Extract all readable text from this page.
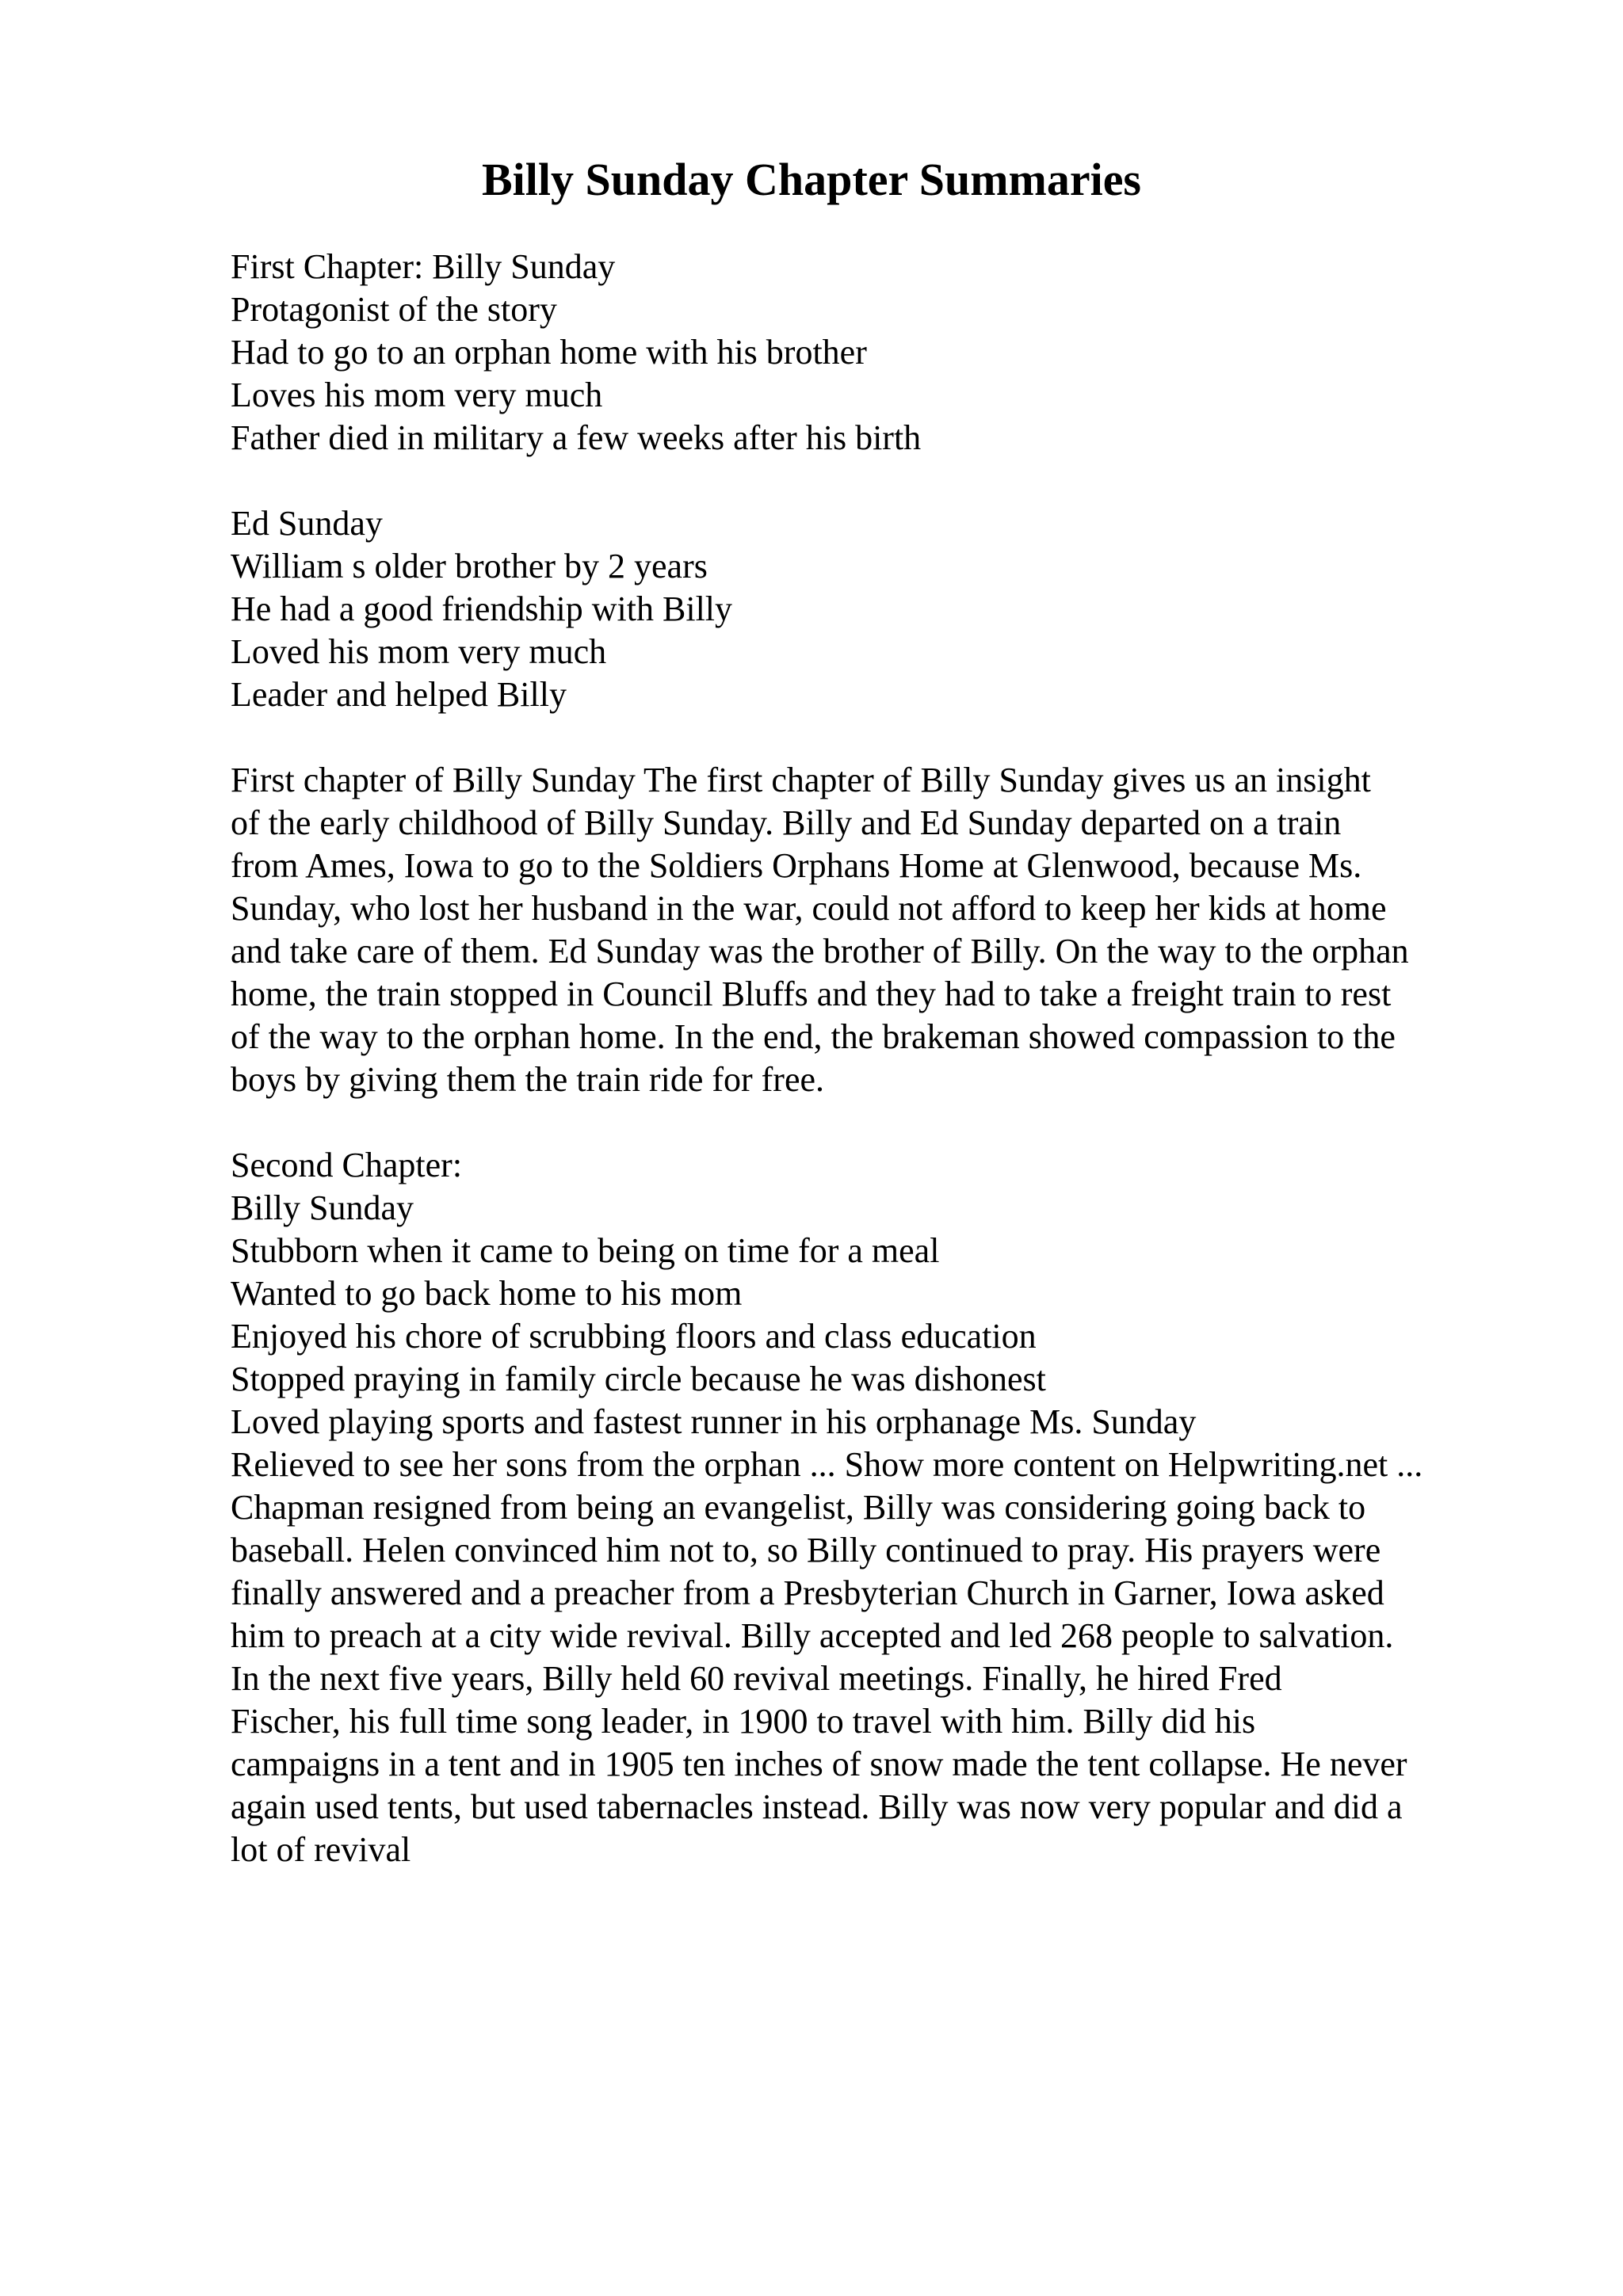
Billy Sunday Chapter Summaries
First Chapter: Billy Sunday
Protagonist of the story
Had to go to an orphan home with his brother
Loves his mom very much
Father died in military a few weeks after his birth
Ed Sunday
William s older brother by 2 years
He had a good friendship with Billy
Loved his mom very much
Leader and helped Billy
First chapter of Billy Sunday The first chapter of Billy Sunday gives us an insight
of the early childhood of Billy Sunday. Billy and Ed Sunday departed on a train
from Ames, Iowa to go to the Soldiers Orphans Home at Glenwood, because Ms.
Sunday, who lost her husband in the war, could not afford to keep her kids at home
and take care of them. Ed Sunday was the brother of Billy. On the way to the orphan
home, the train stopped in Council Bluffs and they had to take a freight train to rest
of the way to the orphan home. In the end, the brakeman showed compassion to the
boys by giving them the train ride for free.
Second Chapter:
Billy Sunday
Stubborn when it came to being on time for a meal
Wanted to go back home to his mom
Enjoyed his chore of scrubbing floors and class education
Stopped praying in family circle because he was dishonest
Loved playing sports and fastest runner in his orphanage Ms. Sunday
Relieved to see her sons from the orphan ... Show more content on Helpwriting.net ...
Chapman resigned from being an evangelist, Billy was considering going back to
baseball. Helen convinced him not to, so Billy continued to pray. His prayers were
finally answered and a preacher from a Presbyterian Church in Garner, Iowa asked
him to preach at a city wide revival. Billy accepted and led 268 people to salvation.
In the next five years, Billy held 60 revival meetings. Finally, he hired Fred
Fischer, his full time song leader, in 1900 to travel with him. Billy did his
campaigns in a tent and in 1905 ten inches of snow made the tent collapse. He never
again used tents, but used tabernacles instead. Billy was now very popular and did a
lot of revival
